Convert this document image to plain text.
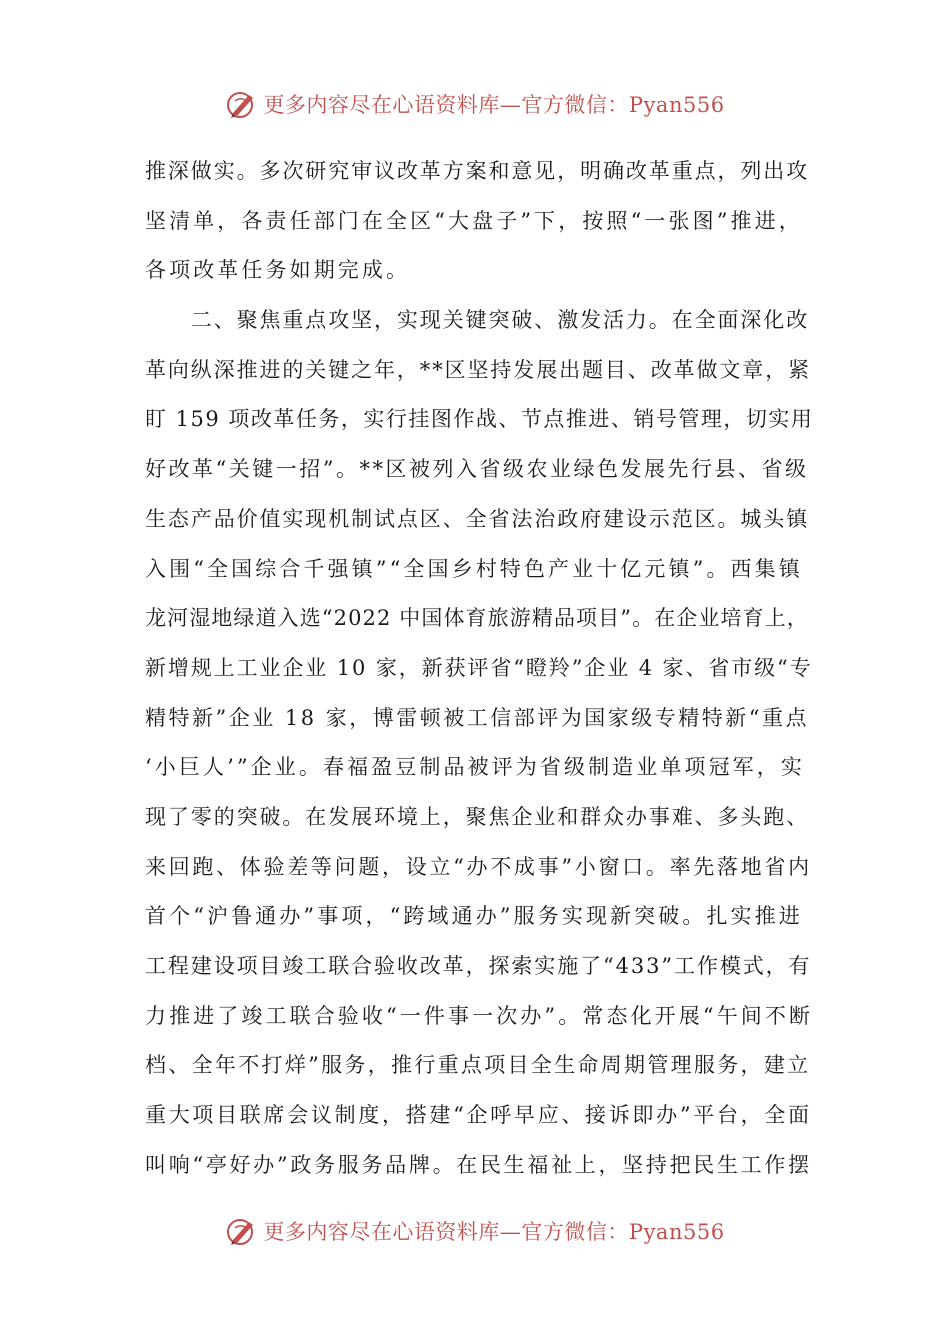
更多内容尽在心语资料库—官方微信：Pyan556
推深做实。多次研究审议改革方案和意见，明确改革重点，列出攻
坚清单，各责任部门在全区“大盘子”下，按照“一张图”推进，
各项改革任务如期完成。
　　二、聚焦重点攻坚，实现关键突破、激发活力。在全面深化改
革向纵深推进的关键之年，**区坚持发展出题目、改革做文章，紧
盯 159 项改革任务，实行挂图作战、节点推进、销号管理，切实用
好改革“关键一招”。**区被列入省级农业绿色发展先行县、省级
生态产品价值实现机制试点区、全省法治政府建设示范区。城头镇
入围“全国综合千强镇”“全国乡村特色产业十亿元镇”。西集镇
龙河湿地绿道入选“2022 中国体育旅游精品项目”。在企业培育上，
新增规上工业企业 10 家，新获评省“瞪羚”企业 4 家、省市级“专
精特新”企业 18 家，博雷顿被工信部评为国家级专精特新“重点
‘小巨人’”企业。春福盈豆制品被评为省级制造业单项冠军，实
现了零的突破。在发展环境上，聚焦企业和群众办事难、多头跑、
来回跑、体验差等问题，设立“办不成事”小窗口。率先落地省内
首个“沪鲁通办”事项，“跨域通办”服务实现新突破。扎实推进
工程建设项目竣工联合验收改革，探索实施了“433”工作模式，有
力推进了竣工联合验收“一件事一次办”。常态化开展“午间不断
档、全年不打烊”服务，推行重点项目全生命周期管理服务，建立
重大项目联席会议制度，搭建“企呼早应、接诉即办”平台，全面
叫响“亭好办”政务服务品牌。在民生福祉上，坚持把民生工作摆
更多内容尽在心语资料库—官方微信：Pyan556
